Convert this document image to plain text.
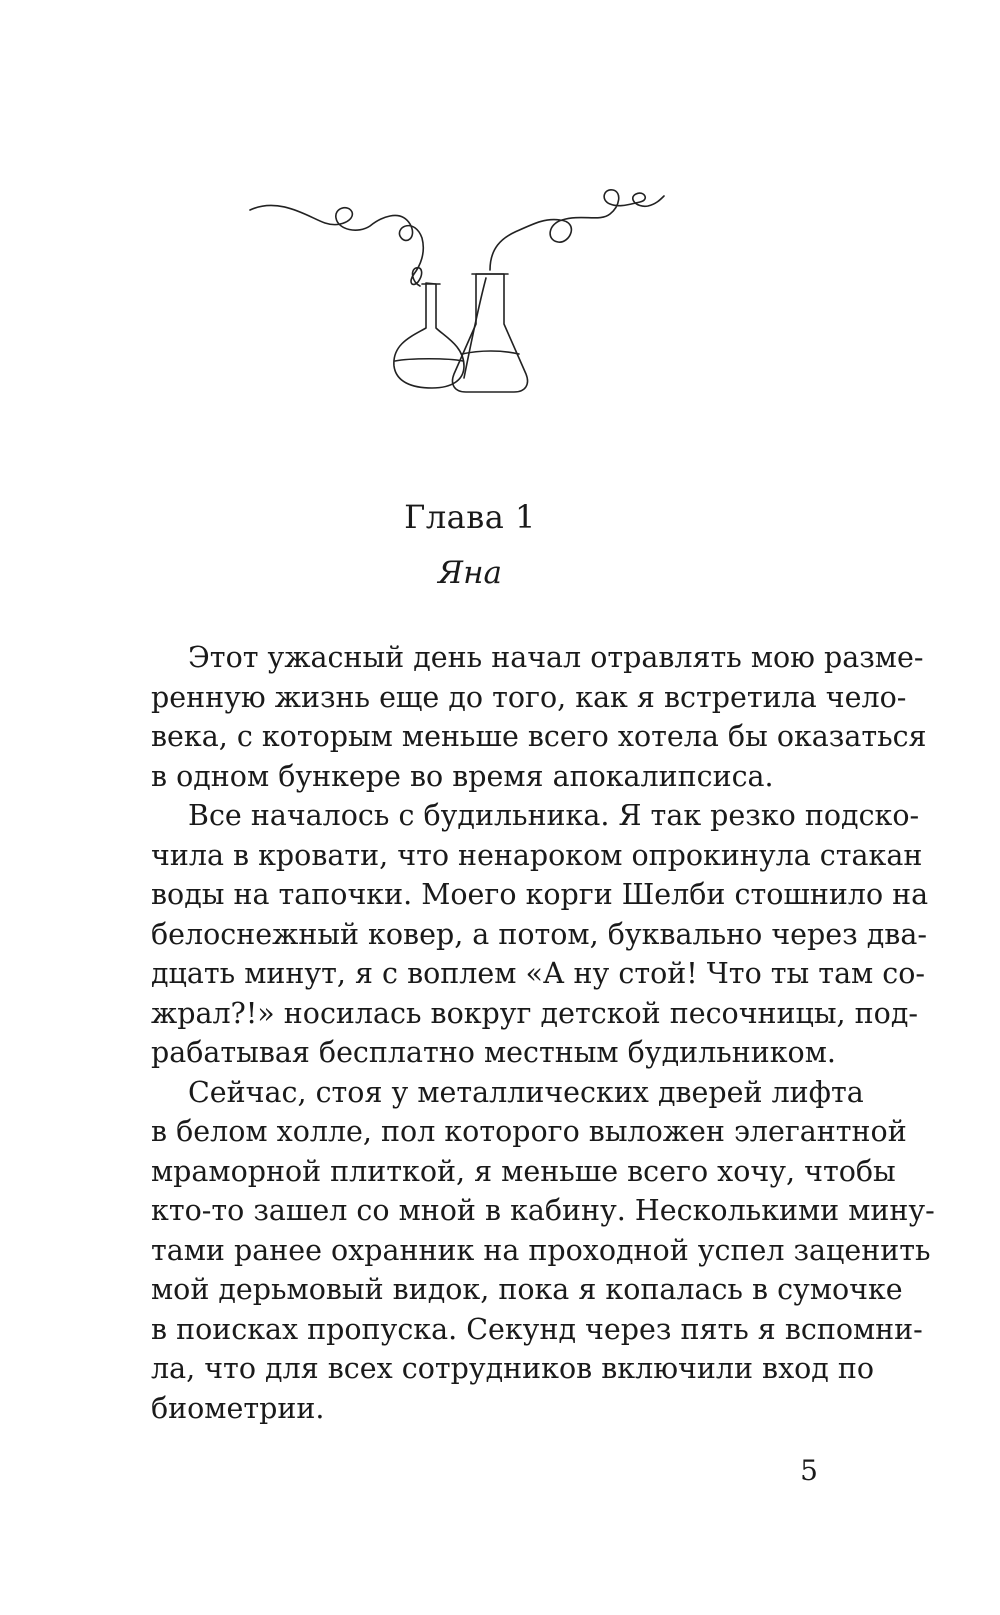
Глава 1
Яна
Этот ужасный день начал отравлять мою разме-
ренную жизнь еще до того, как я встретила чело-
века, с которым меньше всего хотела бы оказаться
в одном бункере во время апокалипсиса.
Все началось с будильника. Я так резко подско-
чила в кровати, что ненароком опрокинула стакан
воды на тапочки. Моего корги Шелби стошнило на
белоснежный ковер, а потом, буквально через два-
дцать минут, я с воплем «А ну стой! Что ты там со-
жрал?!» носилась вокруг детской песочницы, под-
рабатывая бесплатно местным будильником.
Сейчас, стоя у металлических дверей лифта
в белом холле, пол которого выложен элегантной
мраморной плиткой, я меньше всего хочу, чтобы
кто-то зашел со мной в кабину. Несколькими мину-
тами ранее охранник на проходной успел заценить
мой дерьмовый видок, пока я копалась в сумочке
в поисках пропуска. Секунд через пять я вспомни-
ла, что для всех сотрудников включили вход по
биометрии.
5
